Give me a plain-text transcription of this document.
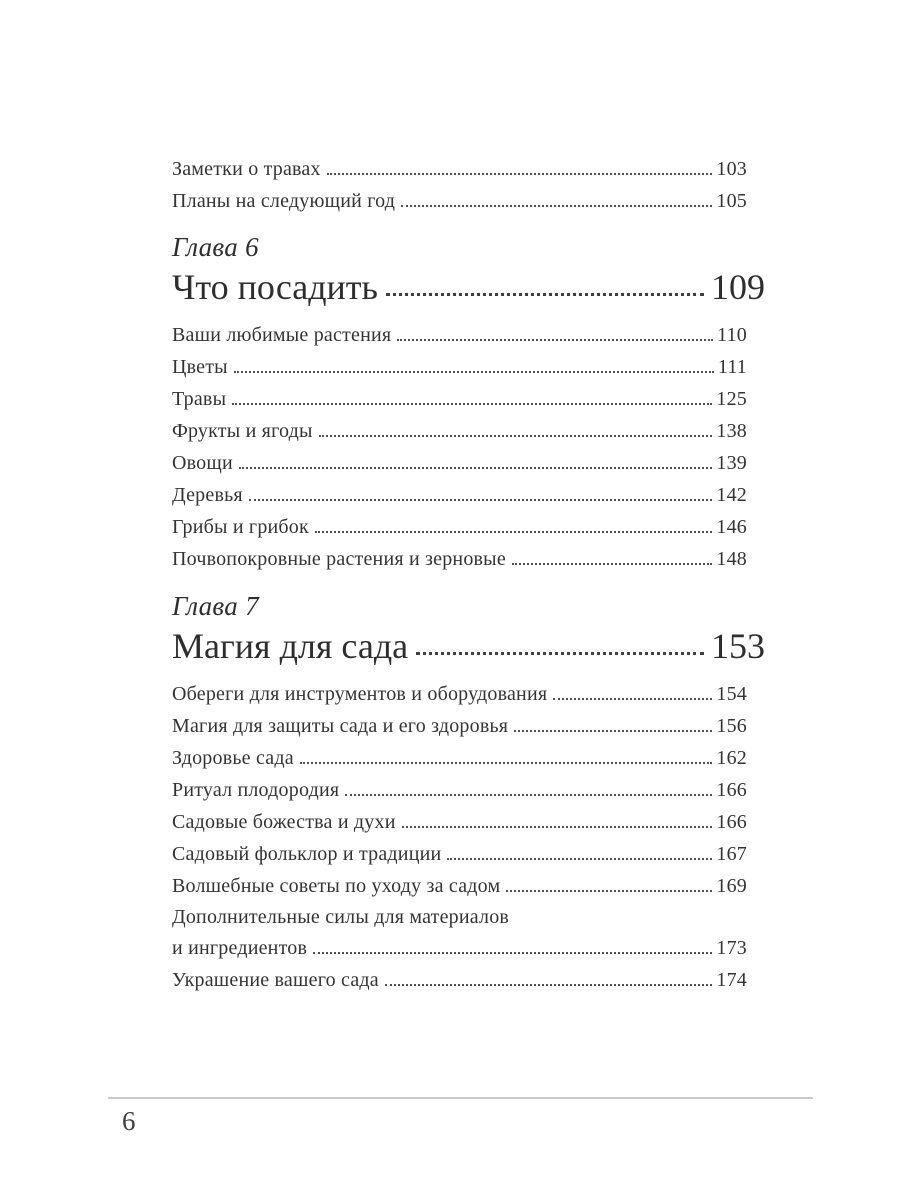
Заметки о травах	103
Планы на следующий год	105
Глава 6
Что посадить	109
Ваши любимые растения	110
Цветы	111
Травы	125
Фрукты и ягоды	138
Овощи	139
Деревья	142
Грибы и грибок	146
Почвопокровные растения и зерновые	148
Глава 7
Магия для сада	153
Обереги для инструментов и оборудования	154
Магия для защиты сада и его здоровья	156
Здоровье сада	162
Ритуал плодородия	166
Садовые божества и духи	166
Садовый фольклор и традиции	167
Волшебные советы по уходу за садом	169
Дополнительные силы для материалов
и ингредиентов	173
Украшение вашего сада	174
6
